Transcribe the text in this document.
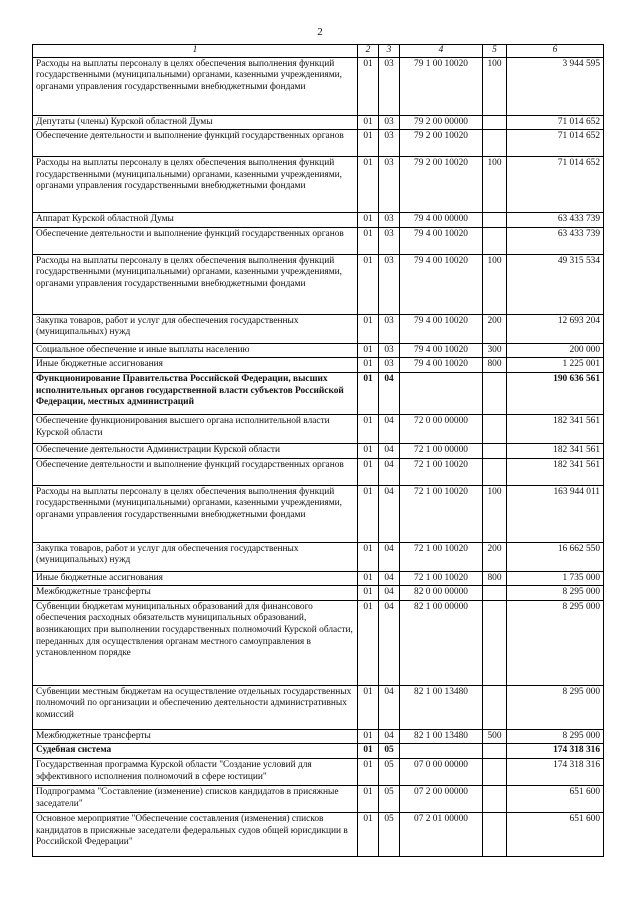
2
1	2	3	4	5	6
Расходы на выплаты персоналу в целях обеспечения выполнения функций государственными (муниципальными) органами, казенными учреждениями, органами управления государственными внебюджетными фондами	01	03	79 1 00 10020	100	3 944 595
Депутаты (члены) Курской областной Думы	01	03	79 2 00 00000		71 014 652
Обеспечение деятельности и выполнение функций государственных органов	01	03	79 2 00 10020		71 014 652
Расходы на выплаты персоналу в целях обеспечения выполнения функций государственными (муниципальными) органами, казенными учреждениями, органами управления государственными внебюджетными фондами	01	03	79 2 00 10020	100	71 014 652
Аппарат Курской областной Думы	01	03	79 4 00 00000		63 433 739
Обеспечение деятельности и выполнение функций государственных органов	01	03	79 4 00 10020		63 433 739
Расходы на выплаты персоналу в целях обеспечения выполнения функций государственными (муниципальными) органами, казенными учреждениями, органами управления государственными внебюджетными фондами	01	03	79 4 00 10020	100	49 315 534
Закупка товаров, работ и услуг для обеспечения государственных (муниципальных) нужд	01	03	79 4 00 10020	200	12 693 204
Социальное обеспечение и иные выплаты населению	01	03	79 4 00 10020	300	200 000
Иные бюджетные ассигнования	01	03	79 4 00 10020	800	1 225 001
Функционирование Правительства Российской Федерации, высших исполнительных органов государственной власти субъектов Российской Федерации, местных администраций	01	04			190 636 561
Обеспечение функционирования высшего органа исполнительной власти Курской области	01	04	72 0 00 00000		182 341 561
Обеспечение деятельности Администрации Курской области	01	04	72 1 00 00000		182 341 561
Обеспечение деятельности и выполнение функций государственных органов	01	04	72 1 00 10020		182 341 561
Расходы на выплаты персоналу в целях обеспечения выполнения функций государственными (муниципальными) органами, казенными учреждениями, органами управления государственными внебюджетными фондами	01	04	72 1 00 10020	100	163 944 011
Закупка товаров, работ и услуг для обеспечения государственных (муниципальных) нужд	01	04	72 1 00 10020	200	16 662 550
Иные бюджетные ассигнования	01	04	72 1 00 10020	800	1 735 000
Межбюджетные трансферты	01	04	82 0 00 00000		8 295 000
Субвенции бюджетам муниципальных образований для финансового обеспечения расходных обязательств муниципальных образований, возникающих при выполнении государственных полномочий Курской области, переданных для осуществления органам местного самоуправления в установленном порядке	01	04	82 1 00 00000		8 295 000
Субвенции местным бюджетам на осуществление отдельных государственных полномочий по организации и обеспечению деятельности административных комиссий	01	04	82 1 00 13480		8 295 000
Межбюджетные трансферты	01	04	82 1 00 13480	500	8 295 000
Судебная система	01	05			174 318 316
Государственная программа Курской области "Создание условий для эффективного исполнения полномочий в сфере юстиции"	01	05	07 0 00 00000		174 318 316
Подпрограмма "Составление (изменение) списков кандидатов в присяжные заседатели"	01	05	07 2 00 00000		651 600
Основное мероприятие "Обеспечение составления (изменения) списков кандидатов в присяжные заседатели федеральных судов общей юрисдикции в Российской Федерации"	01	05	07 2 01 00000		651 600
